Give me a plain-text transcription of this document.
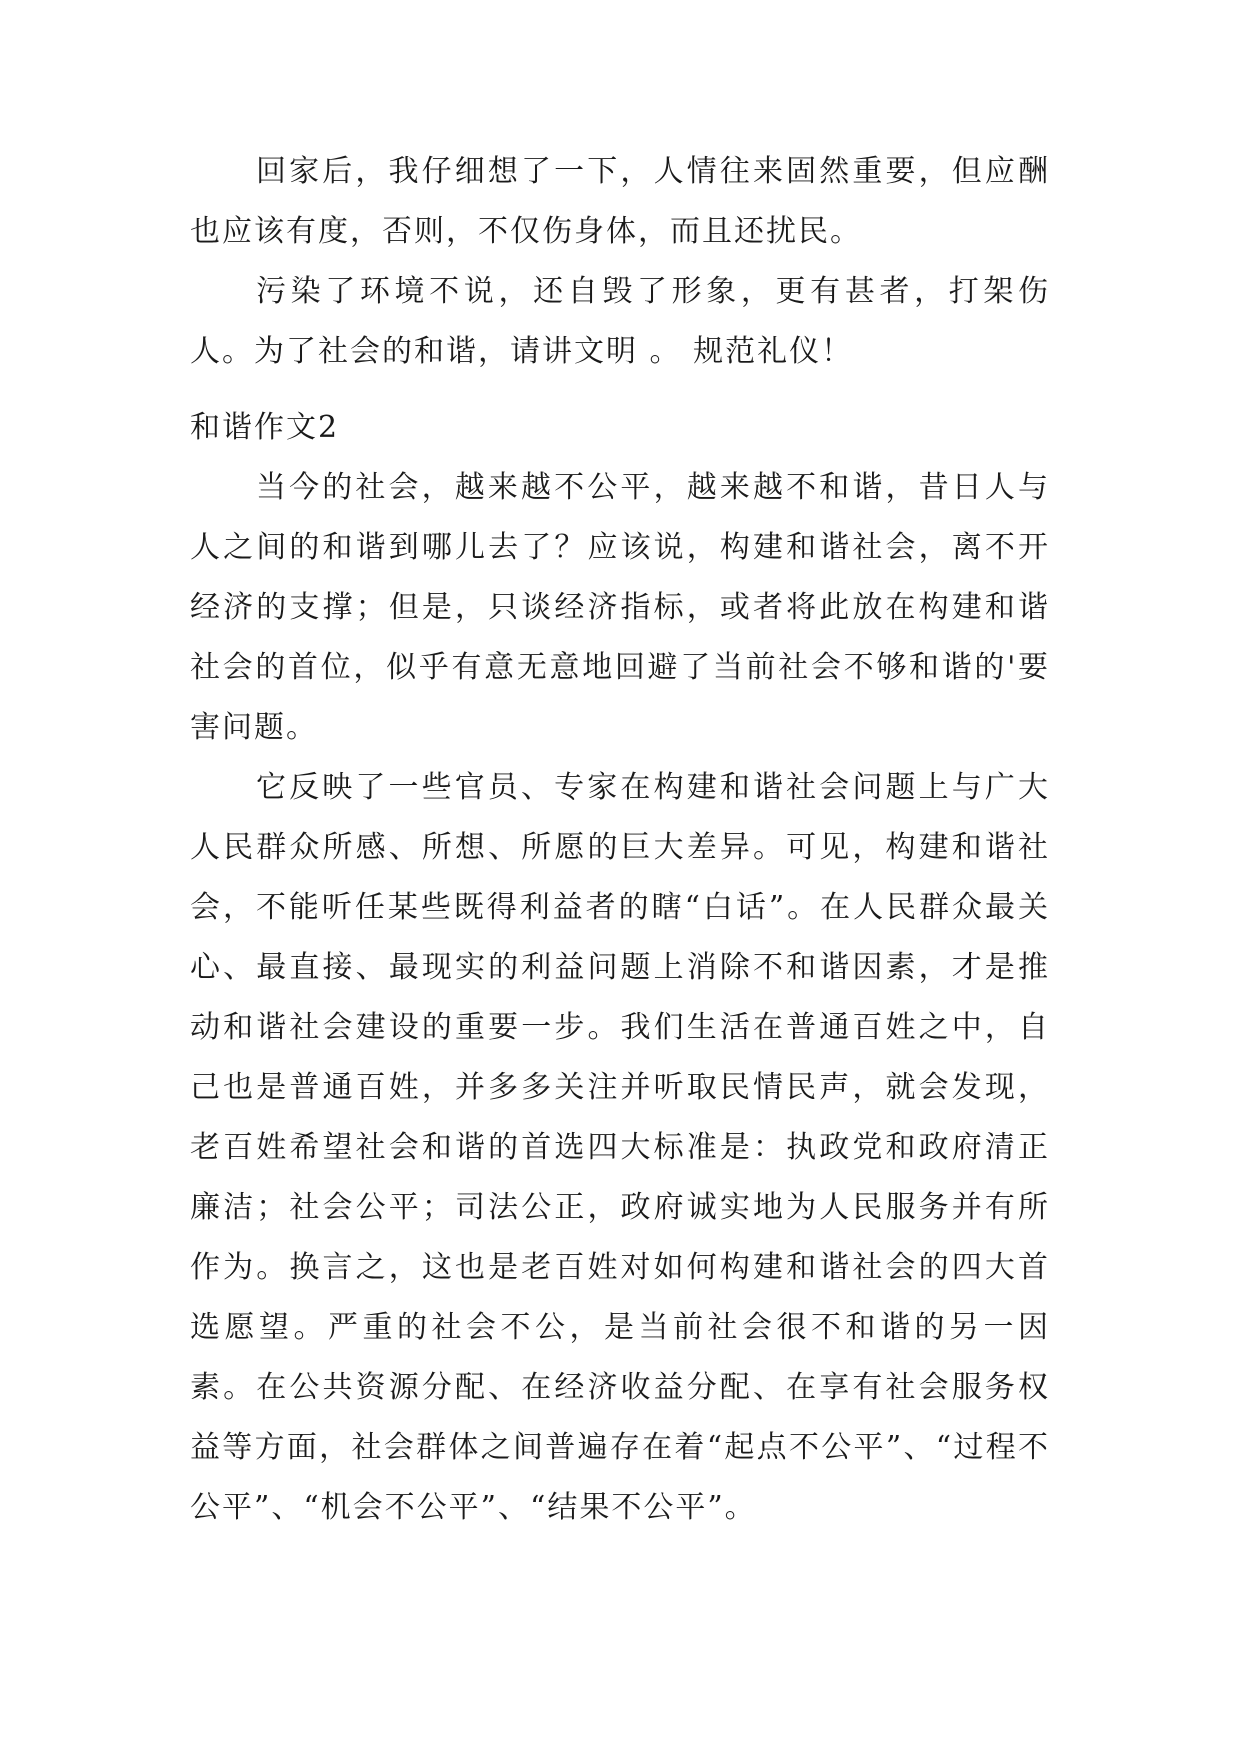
回家后，我仔细想了一下，人情往来固然重要，但应酬也应该有度，否则，不仅伤身体，而且还扰民。

污染了环境不说，还自毁了形象，更有甚者，打架伤人。为了社会的和谐，请讲文明 。 规范礼仪！

和谐作文2

当今的社会，越来越不公平，越来越不和谐，昔日人与人之间的和谐到哪儿去了？应该说，构建和谐社会，离不开经济的支撑；但是，只谈经济指标，或者将此放在构建和谐社会的首位，似乎有意无意地回避了当前社会不够和谐的'要害问题。

它反映了一些官员、专家在构建和谐社会问题上与广大人民群众所感、所想、所愿的巨大差异。可见，构建和谐社会，不能听任某些既得利益者的瞎“白话”。在人民群众最关心、最直接、最现实的利益问题上消除不和谐因素，才是推动和谐社会建设的重要一步。我们生活在普通百姓之中，自己也是普通百姓，并多多关注并听取民情民声，就会发现，老百姓希望社会和谐的首选四大标准是：执政党和政府清正廉洁；社会公平；司法公正，政府诚实地为人民服务并有所作为。换言之，这也是老百姓对如何构建和谐社会的四大首选愿望。严重的社会不公，是当前社会很不和谐的另一因素。在公共资源分配、在经济收益分配、在享有社会服务权益等方面，社会群体之间普遍存在着“起点不公平”、“过程不公平”、“机会不公平”、“结果不公平”。
